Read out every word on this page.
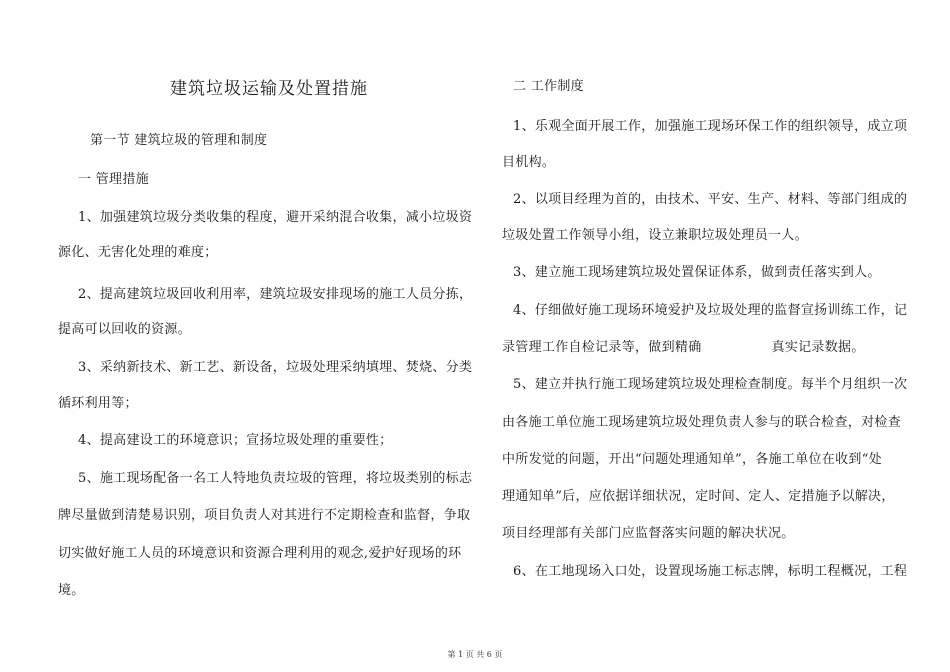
建筑垃圾运输及处置措施
第一节 建筑垃圾的管理和制度
一 管理措施
1、加强建筑垃圾分类收集的程度，避开采纳混合收集，减小垃圾资
源化、无害化处理的难度；
2、提高建筑垃圾回收利用率，建筑垃圾安排现场的施工人员分拣，
提高可以回收的资源。
3、采纳新技术、新工艺、新设备，垃圾处理采纳填埋、焚烧、分类
循环利用等；
4、提高建设工的环境意识；宣扬垃圾处理的重要性；
5、施工现场配备一名工人特地负责垃圾的管理，将垃圾类别的标志
牌尽量做到清楚易识别，项目负责人对其进行不定期检查和监督，争取
切实做好施工人员的环境意识和资源合理利用的观念,爱护好现场的环
境。
二 工作制度
1、乐观全面开展工作，加强施工现场环保工作的组织领导，成立项
目机构。
2、以项目经理为首的，由技术、平安、生产、材料、等部门组成的
垃圾处置工作领导小组，设立兼职垃圾处理员一人。
3、建立施工现场建筑垃圾处置保证体系，做到责任落实到人。
4、仔细做好施工现场环境爱护及垃圾处理的监督宣扬训练工作，记
录管理工作自检记录等，做到精确	真实记录数据。
5、建立并执行施工现场建筑垃圾处理检查制度。每半个月组织一次
由各施工单位施工现场建筑垃圾处理负责人参与的联合检查，对检查
中所发觉的问题，开出“问题处理通知单”，各施工单位在收到“处
理通知单”后，应依据详细状况，定时间、定人、定措施予以解决，
项目经理部有关部门应监督落实问题的解决状况。
6、在工地现场入口处，设置现场施工标志牌，标明工程概况，工程
第 1 页 共 6 页
